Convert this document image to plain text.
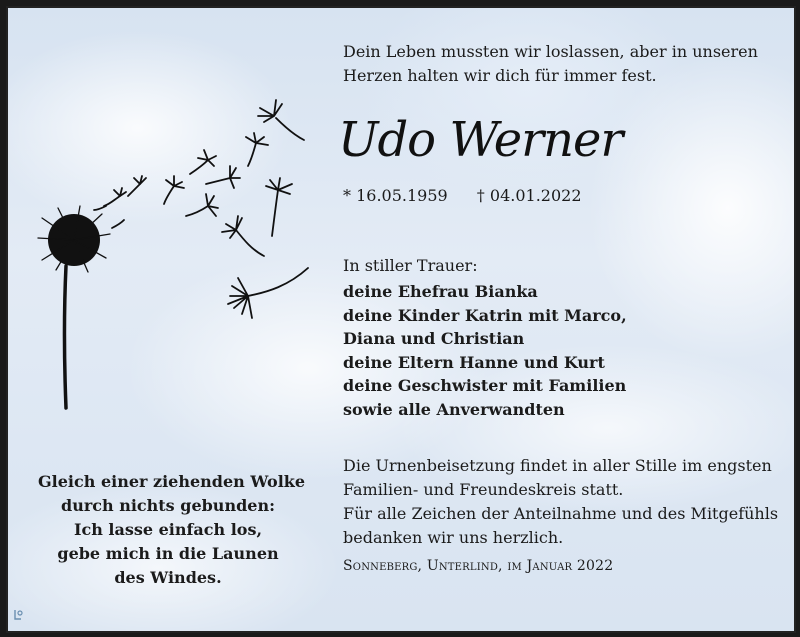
Dein Leben mussten wir loslassen, aber in unseren
Herzen halten wir dich für immer fest.
Udo Werner
* 16.05.1959 † 04.01.2022
In stiller Trauer:
deine Ehefrau Bianka
deine Kinder Katrin mit Marco,
Diana und Christian
deine Eltern Hanne und Kurt
deine Geschwister mit Familien
sowie alle Anverwandten
Die Urnenbeisetzung findet in aller Stille im engsten
Familien- und Freundeskreis statt.
Für alle Zeichen der Anteilnahme und des Mitgefühls
bedanken wir uns herzlich.
Sonneberg, Unterlind, im Januar 2022
Gleich einer ziehenden Wolke
durch nichts gebunden:
Ich lasse einfach los,
gebe mich in die Launen
des Windes.
